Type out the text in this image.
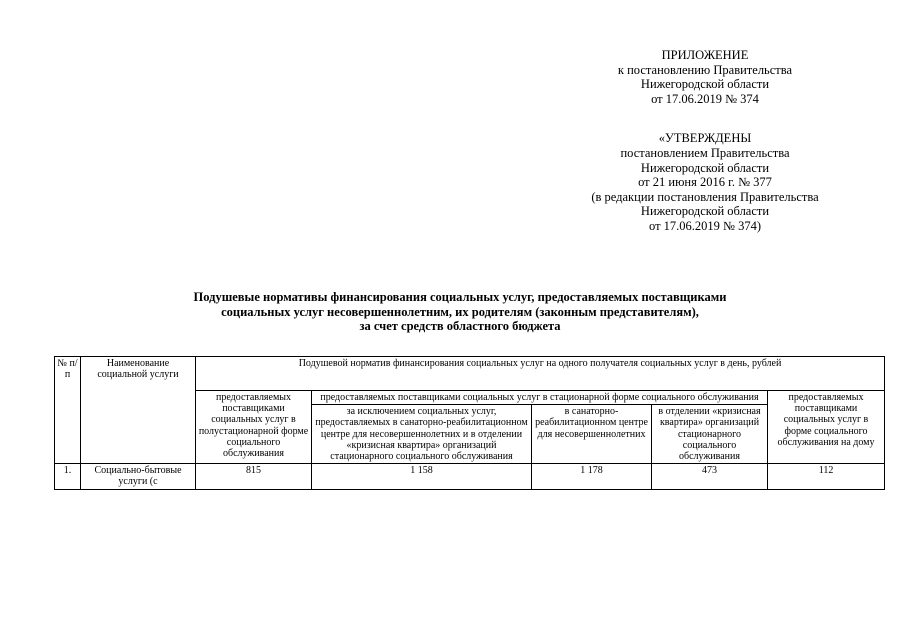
ПРИЛОЖЕНИЕ

к постановлению Правительства

Нижегородской области

от 17.06.2019 № 374

«УТВЕРЖДЕНЫ

постановлением Правительства

Нижегородской области

от 21 июня 2016 г. № 377

(в редакции постановления Правительства

Нижегородской области

от 17.06.2019 № 374)

Подушевые нормативы финансирования социальных услуг, предоставляемых поставщиками

социальных услуг несовершеннолетним, их родителям (законным представителям),

за счет средств областного бюджета

№ п/п	Наименование социальной услуги	Подушевой норматив финансирования социальных услуг на одного получателя социальных услуг в день, рублей				
		предоставляемых поставщиками социальных услуг в полустационарной форме социального обслуживания	предоставляемых поставщиками социальных услуг в стационарной форме социального обслуживания			предоставляемых поставщиками социальных услуг в форме социального обслуживания на дому
			за исключением социальных услуг, предоставляемых в санаторно-реабилитационном центре для несовершеннолетних и в отделении «кризисная квартира» организаций стационарного социального обслуживания	в санаторно-реабилитационном центре для несовершеннолетних	в отделении «кризисная квартира» организаций стационарного социального обслуживания	
1.	Социально-бытовые услуги (с	815	1 158	1 178	473	112
